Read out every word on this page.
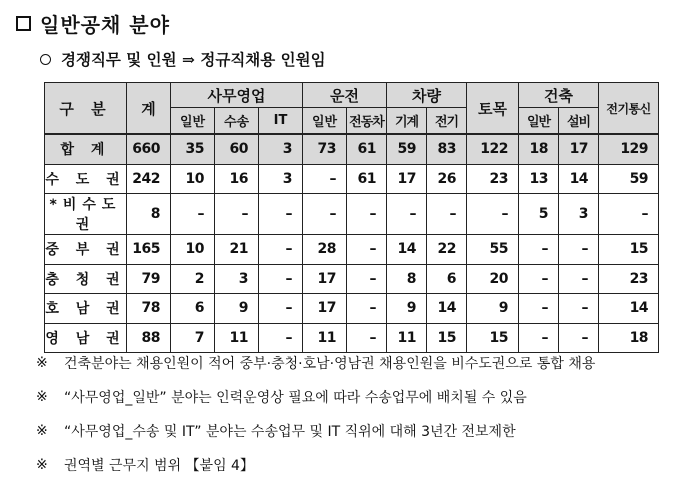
일반공채 분야
경쟁직무 및 인원 ⇒ 정규직채용 인원임
구 분	계	사무영업			운전		차량		토목	건축		전기통신
		일반	수송	IT	일반	전동차	기계	전기		일반	설비	
합 계	660	35	60	3	73	61	59	83	122	18	17	129
수 도 권	242	10	16	3	–	61	17	26	23	13	14	59
*비수도권	8	–	–	–	–	–	–	–	–	5	3	–
중 부 권	165	10	21	–	28	–	14	22	55	–	–	15
충 청 권	79	2	3	–	17	–	8	6	20	–	–	23
호 남 권	78	6	9	–	17	–	9	14	9	–	–	14
영 남 권	88	7	11	–	11	–	11	15	15	–	–	18
※	건축분야는 채용인원이 적어 중부·충청·호남·영남권 채용인원을 비수도권으로 통합 채용
※	“사무영업_일반” 분야는 인력운영상 필요에 따라 수송업무에 배치될 수 있음
※	“사무영업_수송 및 IT” 분야는 수송업무 및 IT 직위에 대해 3년간 전보제한
※	권역별 근무지 범위 【붙임 4】
